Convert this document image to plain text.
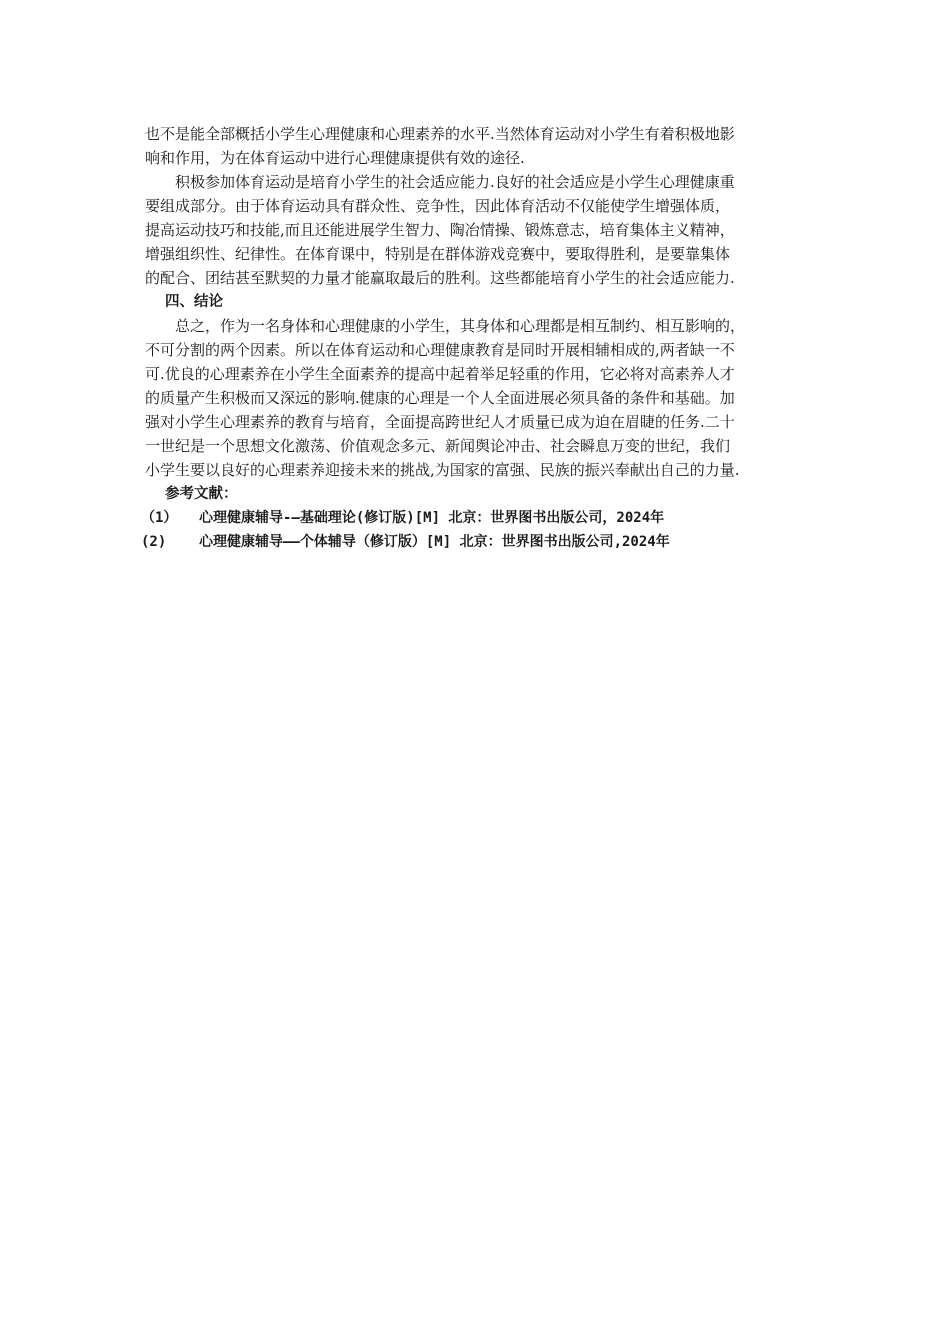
也不是能全部概括小学生心理健康和心理素养的水平.当然体育运动对小学生有着积极地影
响和作用，为在体育运动中进行心理健康提供有效的途径.
积极参加体育运动是培育小学生的社会适应能力.良好的社会适应是小学生心理健康重
要组成部分。由于体育运动具有群众性、竞争性，因此体育活动不仅能使学生增强体质，
提高运动技巧和技能,而且还能进展学生智力、陶冶情操、锻炼意志，培育集体主义精神，
增强组织性、纪律性。在体育课中，特别是在群体游戏竞赛中，要取得胜利，是要靠集体
的配合、团结甚至默契的力量才能赢取最后的胜利。这些都能培育小学生的社会适应能力.
四、结论
总之，作为一名身体和心理健康的小学生，其身体和心理都是相互制约、相互影响的，
不可分割的两个因素。所以在体育运动和心理健康教育是同时开展相辅相成的,两者缺一不
可.优良的心理素养在小学生全面素养的提高中起着举足轻重的作用，它必将对高素养人才
的质量产生积极而又深远的影响.健康的心理是一个人全面进展必须具备的条件和基础。加
强对小学生心理素养的教育与培育，全面提高跨世纪人才质量已成为迫在眉睫的任务.二十
一世纪是一个思想文化激荡、价值观念多元、新闻舆论冲击、社会瞬息万变的世纪，我们
小学生要以良好的心理素养迎接未来的挑战,为国家的富强、民族的振兴奉献出自己的力量.
参考文献：
（1） 心理健康辅导-—基础理论(修订版)[M] 北京：世界图书出版公司，2024年
(2) 心理健康辅导——个体辅导（修订版）[M] 北京：世界图书出版公司,2024年
